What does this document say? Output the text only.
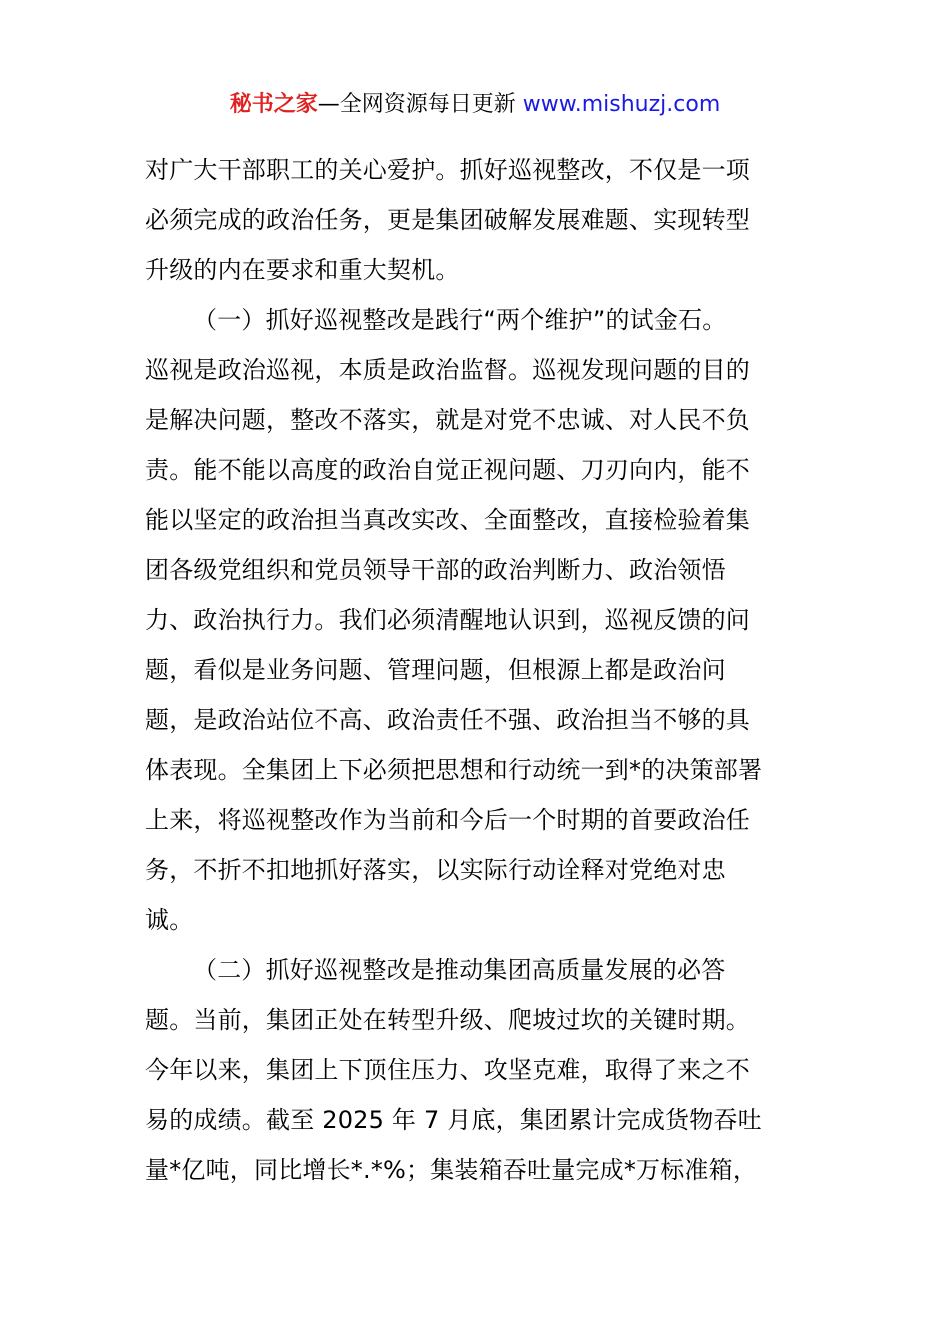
秘书之家—全网资源每日更新 www.mishuzj.com
对广大干部职工的关心爱护。抓好巡视整改，不仅是一项
必须完成的政治任务，更是集团破解发展难题、实现转型
升级的内在要求和重大契机。
（一）抓好巡视整改是践行“两个维护”的试金石。
巡视是政治巡视，本质是政治监督。巡视发现问题的目的
是解决问题，整改不落实，就是对党不忠诚、对人民不负
责。能不能以高度的政治自觉正视问题、刀刃向内，能不
能以坚定的政治担当真改实改、全面整改，直接检验着集
团各级党组织和党员领导干部的政治判断力、政治领悟
力、政治执行力。我们必须清醒地认识到，巡视反馈的问
题，看似是业务问题、管理问题，但根源上都是政治问
题，是政治站位不高、政治责任不强、政治担当不够的具
体表现。全集团上下必须把思想和行动统一到*的决策部署
上来，将巡视整改作为当前和今后一个时期的首要政治任
务，不折不扣地抓好落实，以实际行动诠释对党绝对忠
诚。
（二）抓好巡视整改是推动集团高质量发展的必答
题。当前，集团正处在转型升级、爬坡过坎的关键时期。
今年以来，集团上下顶住压力、攻坚克难，取得了来之不
易的成绩。截至 2025 年 7 月底，集团累计完成货物吞吐
量*亿吨，同比增长*.*%；集装箱吞吐量完成*万标准箱，
